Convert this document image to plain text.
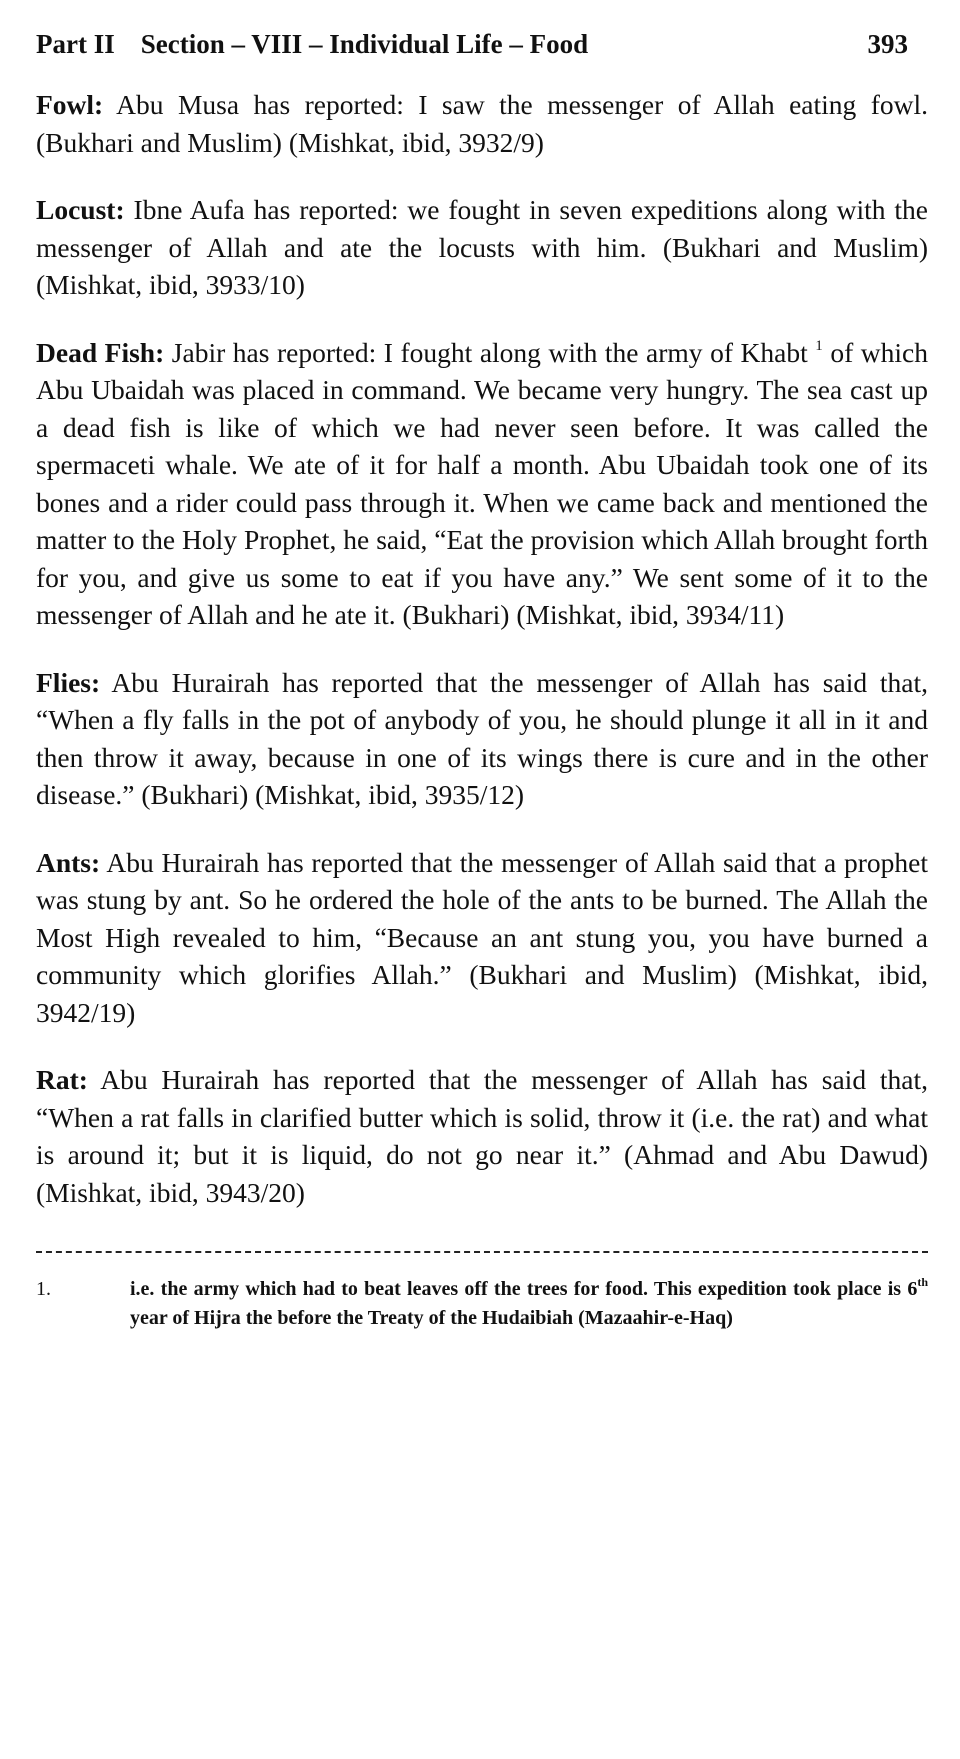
Part II Section – VIII – Individual Life – Food	393

Fowl: Abu Musa has reported: I saw the messenger of Allah eating fowl. (Bukhari and Muslim) (Mishkat, ibid, 3932/9)

Locust: Ibne Aufa has reported: we fought in seven expeditions along with the messenger of Allah and ate the locusts with him. (Bukhari and Muslim) (Mishkat, ibid, 3933/10)

Dead Fish: Jabir has reported: I fought along with the army of Khabt $^1$ of which Abu Ubaidah was placed in command. We became very hungry. The sea cast up a dead fish is like of which we had never seen before. It was called the spermaceti whale. We ate of it for half a month. Abu Ubaidah took one of its bones and a rider could pass through it. When we came back and mentioned the matter to the Holy Prophet, he said, “Eat the provision which Allah brought forth for you, and give us some to eat if you have any.” We sent some of it to the messenger of Allah and he ate it. (Bukhari) (Mishkat, ibid, 3934/11)

Flies: Abu Hurairah has reported that the messenger of Allah has said that, “When a fly falls in the pot of anybody of you, he should plunge it all in it and then throw it away, because in one of its wings there is cure and in the other disease.” (Bukhari) (Mishkat, ibid, 3935/12)

Ants: Abu Hurairah has reported that the messenger of Allah said that a prophet was stung by ant. So he ordered the hole of the ants to be burned. The Allah the Most High revealed to him, “Because an ant stung you, you have burned a community which glorifies Allah.” (Bukhari and Muslim) (Mishkat, ibid, 3942/19)

Rat: Abu Hurairah has reported that the messenger of Allah has said that, “When a rat falls in clarified butter which is solid, throw it (i.e. the rat) and what is around it; but it is liquid, do not go near it.” (Ahmad and Abu Dawud) (Mishkat, ibid, 3943/20)

1.	i.e. the army which had to beat leaves off the trees for food. This expedition took place is 6th year of Hijra the before the Treaty of the Hudaibiah (Mazaahir-e-Haq)
